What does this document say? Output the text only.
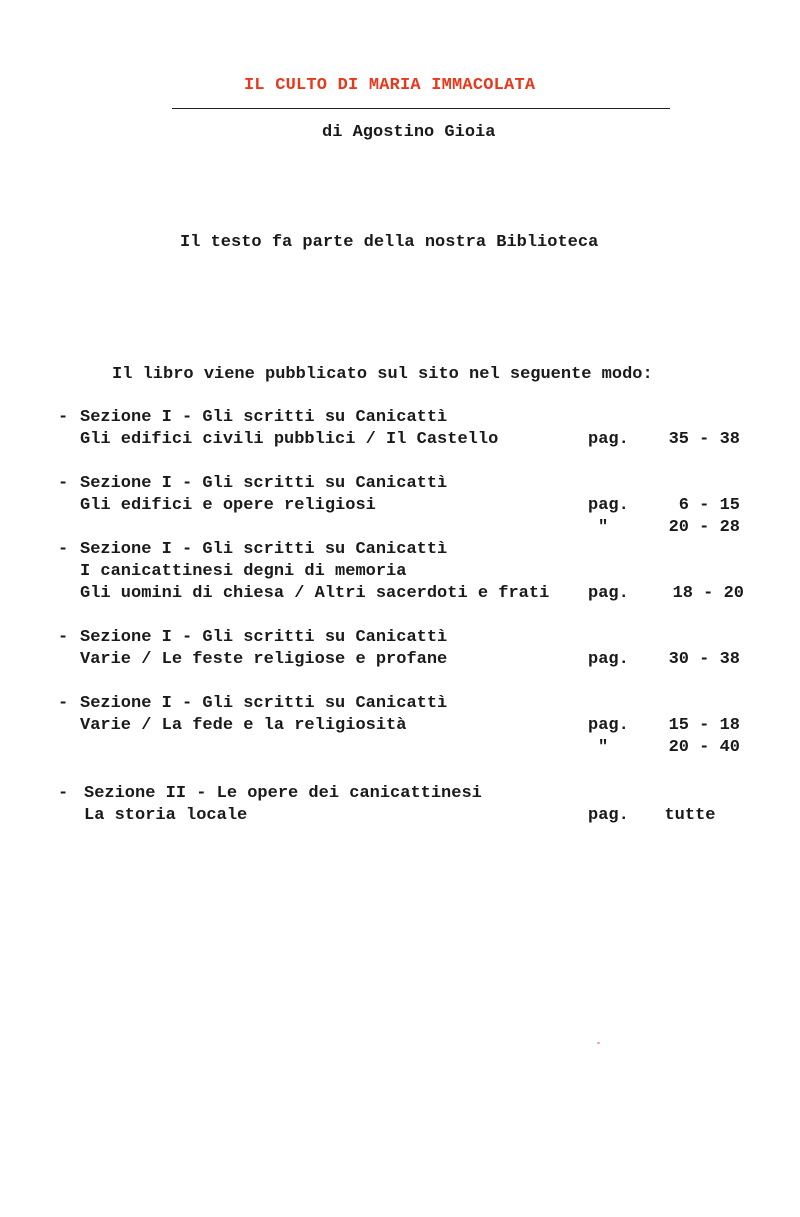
IL CULTO DI MARIA IMMACOLATA
di Agostino Gioia
Il testo fa parte della nostra Biblioteca
Il libro viene pubblicato sul sito nel seguente modo:
- Sezione I - Gli scritti su Canicattì
Gli edifici civili pubblici / Il Castello	pag.	35 - 38
- Sezione I - Gli scritti su Canicattì
Gli edifici e opere religiosi	pag.	6 - 15
"	20 - 28
- Sezione I - Gli scritti su Canicattì
I canicattinesi degni di memoria
Gli uomini di chiesa / Altri sacerdoti e frati pag.	18 - 20
- Sezione I - Gli scritti su Canicattì
Varie / Le feste religiose e profane	pag.	30 - 38
- Sezione I - Gli scritti su Canicattì
Varie / La fede e la religiosità	pag.	15 - 18
"	20 - 40
- Sezione II - Le opere dei canicattinesi
La storia locale	pag.	tutte
